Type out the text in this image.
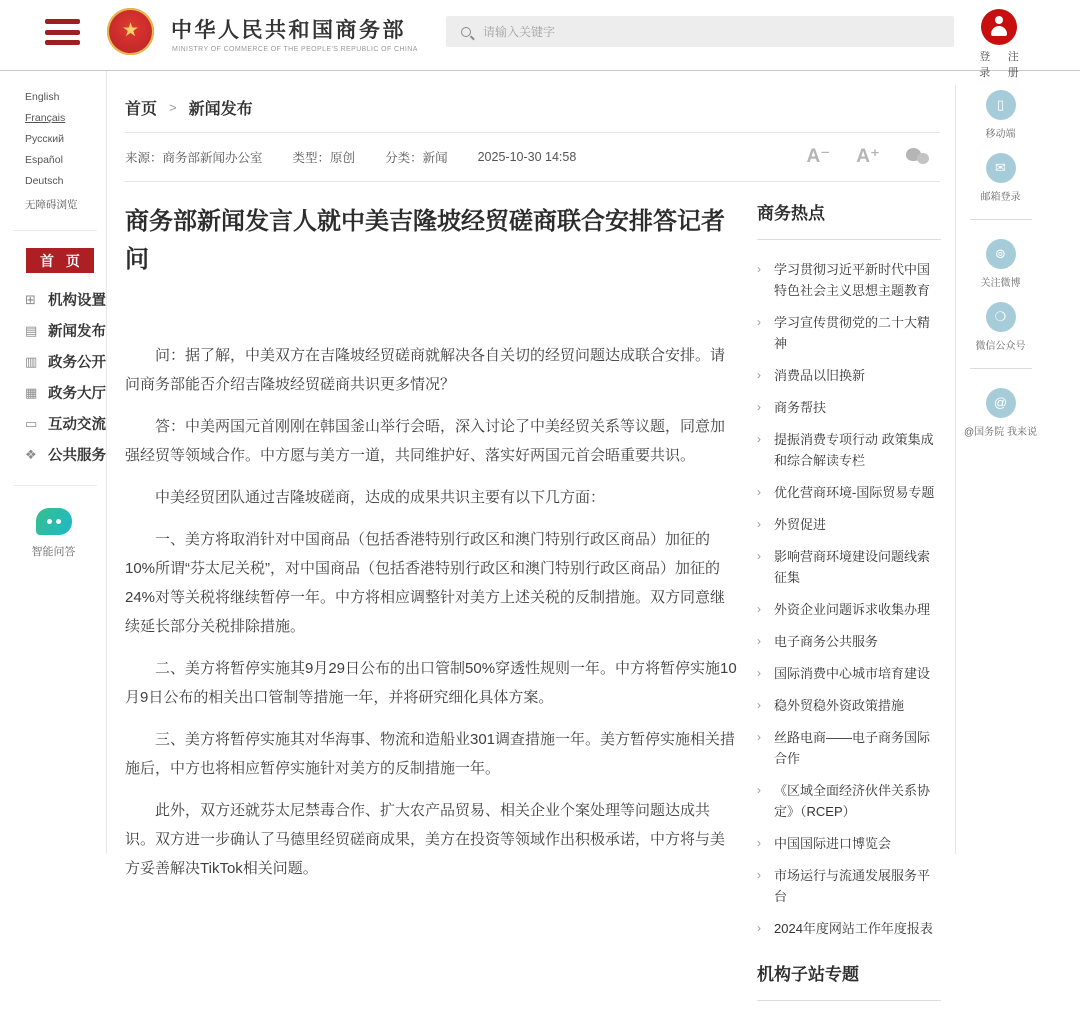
★
中华人民共和国商务部
MINISTRY OF COMMERCE OF THE PEOPLE'S REPUBLIC OF CHINA
请输入关键字
登录
注册
English
Français
Русский
Español
Deutsch
无障碍浏览
首 页
⊞ 机构设置
▤ 新闻发布
▥ 政务公开
▦ 政务大厅
▭ 互动交流
❖ 公共服务
智能问答
首页 > 新闻发布
来源：商务部新闻办公室 类型：原创 分类：新闻 2025-10-30 14:58	A⁻ A⁺
商务部新闻发言人就中美吉隆坡经贸磋商联合安排答记者问

问：据了解，中美双方在吉隆坡经贸磋商就解决各自关切的经贸问题达成联合安排。请问商务部能否介绍吉隆坡经贸磋商共识更多情况？

答：中美两国元首刚刚在韩国釜山举行会晤，深入讨论了中美经贸关系等议题，同意加强经贸等领域合作。中方愿与美方一道，共同维护好、落实好两国元首会晤重要共识。

中美经贸团队通过吉隆坡磋商，达成的成果共识主要有以下几方面：

一、美方将取消针对中国商品（包括香港特别行政区和澳门特别行政区商品）加征的10%所谓“芬太尼关税”，对中国商品（包括香港特别行政区和澳门特别行政区商品）加征的24%对等关税将继续暂停一年。中方将相应调整针对美方上述关税的反制措施。双方同意继续延长部分关税排除措施。

二、美方将暂停实施其9月29日公布的出口管制50%穿透性规则一年。中方将暂停实施10月9日公布的相关出口管制等措施一年，并将研究细化具体方案。

三、美方将暂停实施其对华海事、物流和造船业301调查措施一年。美方暂停实施相关措施后，中方也将相应暂停实施针对美方的反制措施一年。

此外，双方还就芬太尼禁毒合作、扩大农产品贸易、相关企业个案处理等问题达成共识。双方进一步确认了马德里经贸磋商成果，美方在投资等领域作出积极承诺，中方将与美方妥善解决TikTok相关问题。

商务热点
› 学习贯彻习近平新时代中国特色社会主义思想主题教育
› 学习宣传贯彻党的二十大精神
› 消费品以旧换新
› 商务帮扶
› 提振消费专项行动 政策集成和综合解读专栏
› 优化营商环境-国际贸易专题
› 外贸促进
› 影响营商环境建设问题线索征集
› 外资企业问题诉求收集办理
› 电子商务公共服务
› 国际消费中心城市培育建设
› 稳外贸稳外资政策措施
› 丝路电商——电子商务国际合作
› 《区域全面经济伙伴关系协定》（RCEP）
› 中国国际进口博览会
› 市场运行与流通发展服务平台
› 2024年度网站工作年度报表
机构子站专题
▯
移动端
✉
邮箱登录
⊚
关注微博
❍
微信公众号
@
@国务院 我来说
